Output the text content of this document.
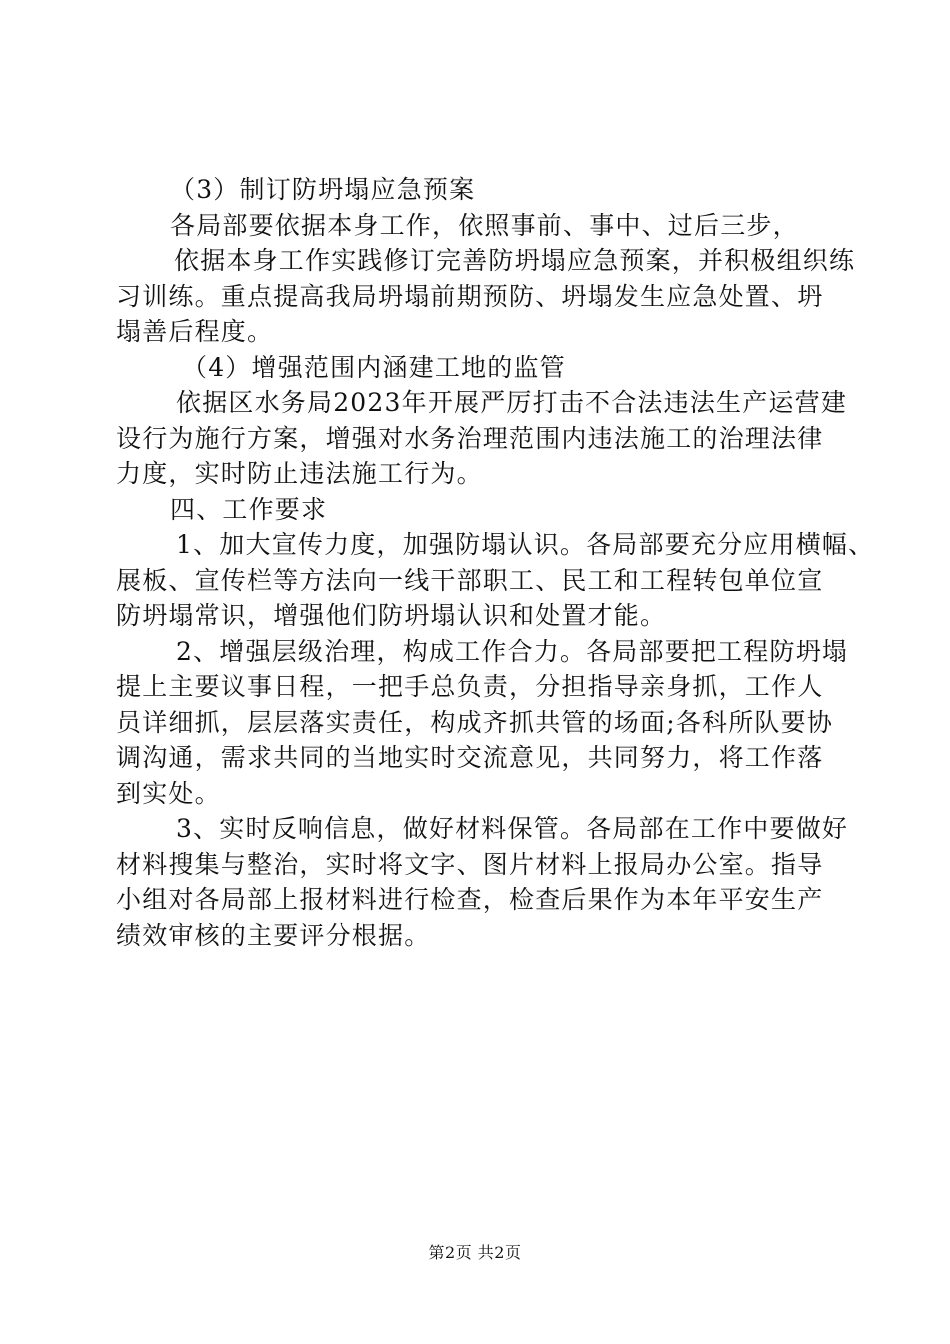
（3）制订防坍塌应急预案
各局部要依据本身工作，依照事前、事中、过后三步，
依据本身工作实践修订完善防坍塌应急预案，并积极组织练
习训练。重点提高我局坍塌前期预防、坍塌发生应急处置、坍
塌善后程度。
（4）增强范围内涵建工地的监管
依据区水务局2023年开展严厉打击不合法违法生产运营建
设行为施行方案，增强对水务治理范围内违法施工的治理法律
力度，实时防止违法施工行为。
四、工作要求
1、加大宣传力度，加强防塌认识。各局部要充分应用横幅、
展板、宣传栏等方法向一线干部职工、民工和工程转包单位宣
防坍塌常识，增强他们防坍塌认识和处置才能。
2、增强层级治理，构成工作合力。各局部要把工程防坍塌
提上主要议事日程，一把手总负责，分担指导亲身抓，工作人
员详细抓，层层落实责任，构成齐抓共管的场面;各科所队要协
调沟通，需求共同的当地实时交流意见，共同努力，将工作落
到实处。
3、实时反响信息，做好材料保管。各局部在工作中要做好
材料搜集与整治，实时将文字、图片材料上报局办公室。指导
小组对各局部上报材料进行检查，检查后果作为本年平安生产
绩效审核的主要评分根据。
第2页 共2页
